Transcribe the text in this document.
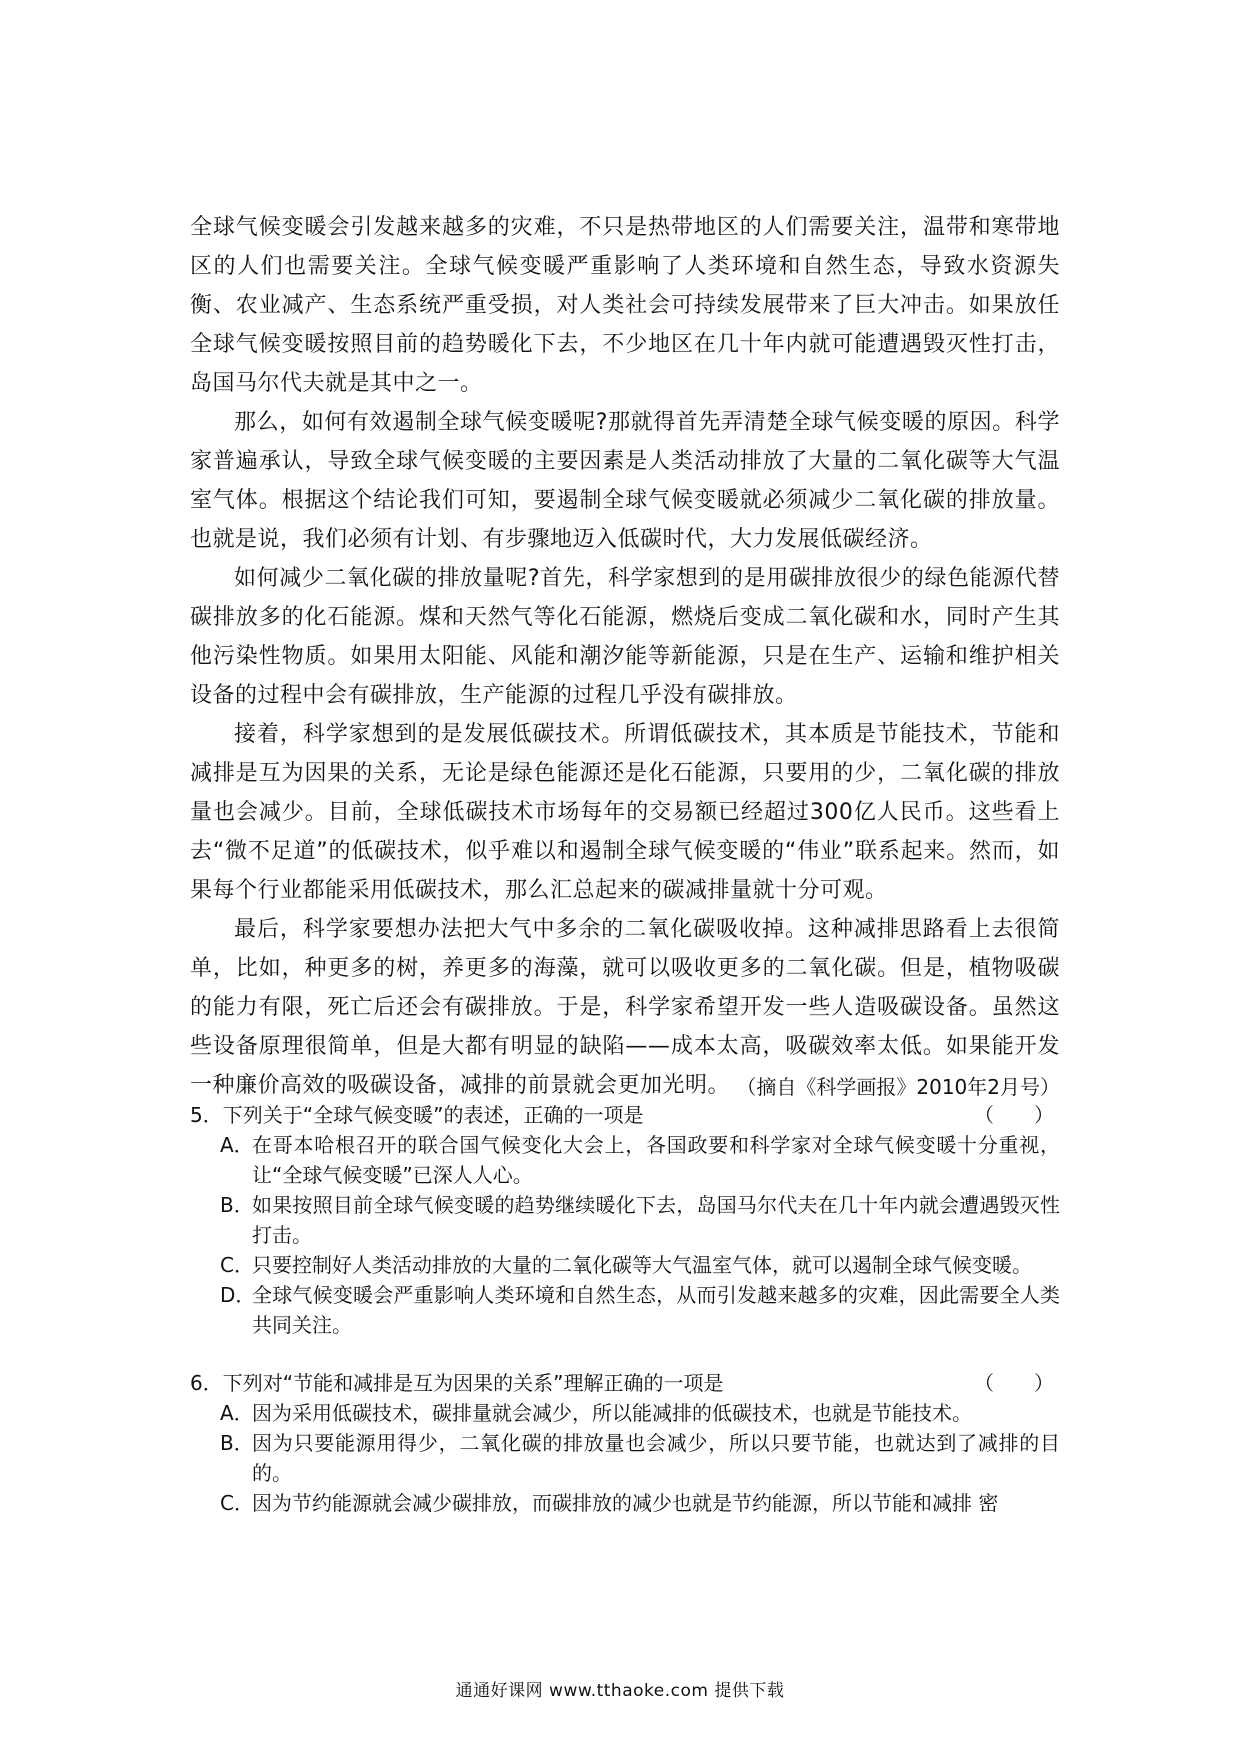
全球气候变暖会引发越来越多的灾难，不只是热带地区的人们需要关注，温带和寒带地区的人们也需要关注。全球气候变暖严重影响了人类环境和自然生态，导致水资源失衡、农业减产、生态系统严重受损，对人类社会可持续发展带来了巨大冲击。如果放任全球气候变暖按照目前的趋势暖化下去，不少地区在几十年内就可能遭遇毁灭性打击，岛国马尔代夫就是其中之一。

那么，如何有效遏制全球气候变暖呢?那就得首先弄清楚全球气候变暖的原因。科学家普遍承认，导致全球气候变暖的主要因素是人类活动排放了大量的二氧化碳等大气温室气体。根据这个结论我们可知，要遏制全球气候变暖就必须减少二氧化碳的排放量。也就是说，我们必须有计划、有步骤地迈入低碳时代，大力发展低碳经济。

如何减少二氧化碳的排放量呢?首先，科学家想到的是用碳排放很少的绿色能源代替碳排放多的化石能源。煤和天然气等化石能源，燃烧后变成二氧化碳和水，同时产生其他污染性物质。如果用太阳能、风能和潮汐能等新能源，只是在生产、运输和维护相关设备的过程中会有碳排放，生产能源的过程几乎没有碳排放。

接着，科学家想到的是发展低碳技术。所谓低碳技术，其本质是节能技术，节能和减排是互为因果的关系，无论是绿色能源还是化石能源，只要用的少，二氧化碳的排放量也会减少。目前，全球低碳技术市场每年的交易额已经超过300亿人民币。这些看上去“微不足道”的低碳技术，似乎难以和遏制全球气候变暖的“伟业”联系起来。然而，如果每个行业都能采用低碳技术，那么汇总起来的碳减排量就十分可观。

最后，科学家要想办法把大气中多余的二氧化碳吸收掉。这种减排思路看上去很简单，比如，种更多的树，养更多的海藻，就可以吸收更多的二氧化碳。但是，植物吸碳的能力有限，死亡后还会有碳排放。于是，科学家希望开发一些人造吸碳设备。虽然这些设备原理很简单，但是大都有明显的缺陷——成本太高，吸碳效率太低。如果能开发一种廉价高效的吸碳设备，减排的前景就会更加光明。 （摘自《科学画报》2010年2月号）
5．下列关于“全球气候变暖”的表述，正确的一项是	（　　）
A．
在哥本哈根召开的联合国气候变化大会上，各国政要和科学家对全球气候变暖十分重视，让“全球气候变暖”已深人人心。
B．
如果按照目前全球气候变暖的趋势继续暖化下去，岛国马尔代夫在几十年内就会遭遇毁灭性打击。
C．
只要控制好人类活动排放的大量的二氧化碳等大气温室气体，就可以遏制全球气候变暖。
D．
全球气候变暖会严重影响人类环境和自然生态，从而引发越来越多的灾难，因此需要全人类共同关注。
6．下列对“节能和减排是互为因果的关系”理解正确的一项是	（　　）
A．
因为采用低碳技术，碳排量就会减少，所以能减排的低碳技术，也就是节能技术。
B．
因为只要能源用得少，二氧化碳的排放量也会减少，所以只要节能，也就达到了减排的目的。
C．
因为节约能源就会减少碳排放，而碳排放的减少也就是节约能源，所以节能和减排 密
通通好课网 www.tthaoke.com 提供下载
